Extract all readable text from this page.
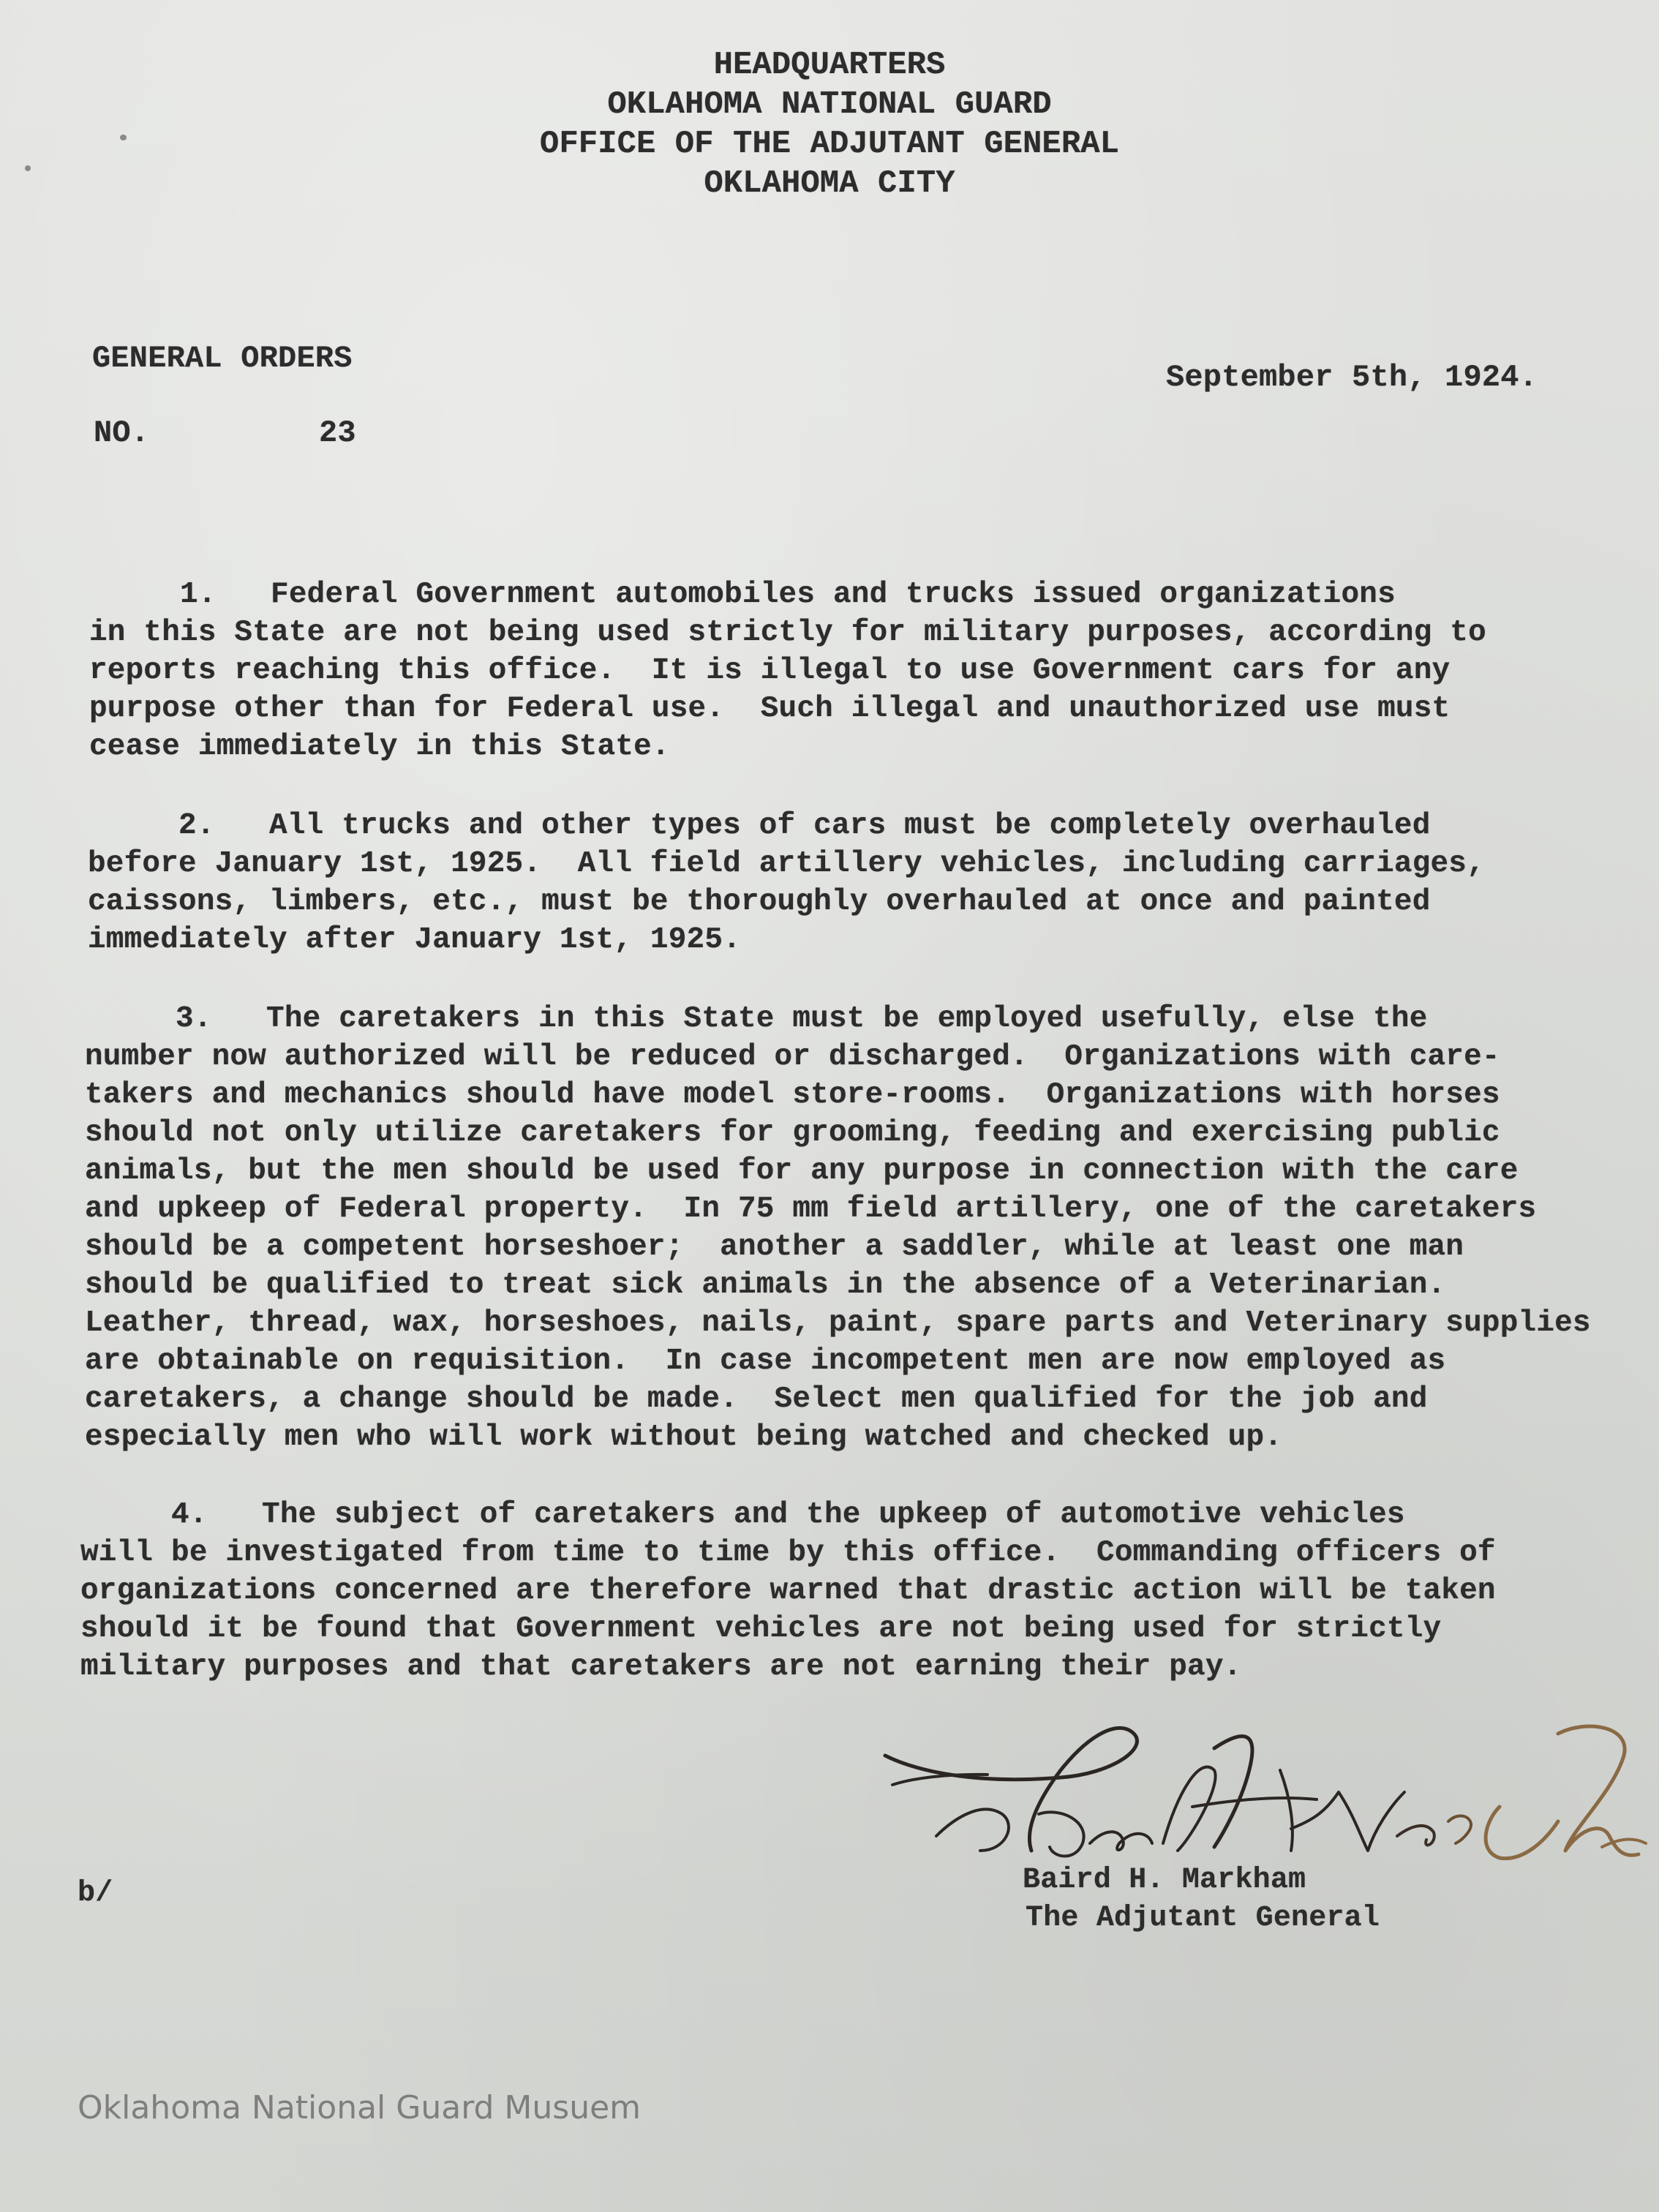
HEADQUARTERS

OKLAHOMA NATIONAL GUARD

OFFICE OF THE ADJUTANT GENERAL

OKLAHOMA CITY

GENERAL ORDERS

NO.	23

September 5th, 1924.

1.   Federal Government automobiles and trucks issued organizations

in this State are not being used strictly for military purposes, according to

reports reaching this office.  It is illegal to use Government cars for any

purpose other than for Federal use.  Such illegal and unauthorized use must

cease immediately in this State.

2.   All trucks and other types of cars must be completely overhauled

before January 1st, 1925.  All field artillery vehicles, including carriages,

caissons, limbers, etc., must be thoroughly overhauled at once and painted

immediately after January 1st, 1925.

3.   The caretakers in this State must be employed usefully, else the

number now authorized will be reduced or discharged.  Organizations with care-

takers and mechanics should have model store-rooms.  Organizations with horses

should not only utilize caretakers for grooming, feeding and exercising public

animals, but the men should be used for any purpose in connection with the care

and upkeep of Federal property.  In 75 mm field artillery, one of the caretakers

should be a competent horseshoer;  another a saddler, while at least one man

should be qualified to treat sick animals in the absence of a Veterinarian.

Leather, thread, wax, horseshoes, nails, paint, spare parts and Veterinary supplies

are obtainable on requisition.  In case incompetent men are now employed as

caretakers, a change should be made.  Select men qualified for the job and

especially men who will work without being watched and checked up.

4.   The subject of caretakers and the upkeep of automotive vehicles

will be investigated from time to time by this office.  Commanding officers of

organizations concerned are therefore warned that drastic action will be taken

should it be found that Government vehicles are not being used for strictly

military purposes and that caretakers are not earning their pay.

Baird H. Markham

The Adjutant General

b/

Oklahoma National Guard Musuem
